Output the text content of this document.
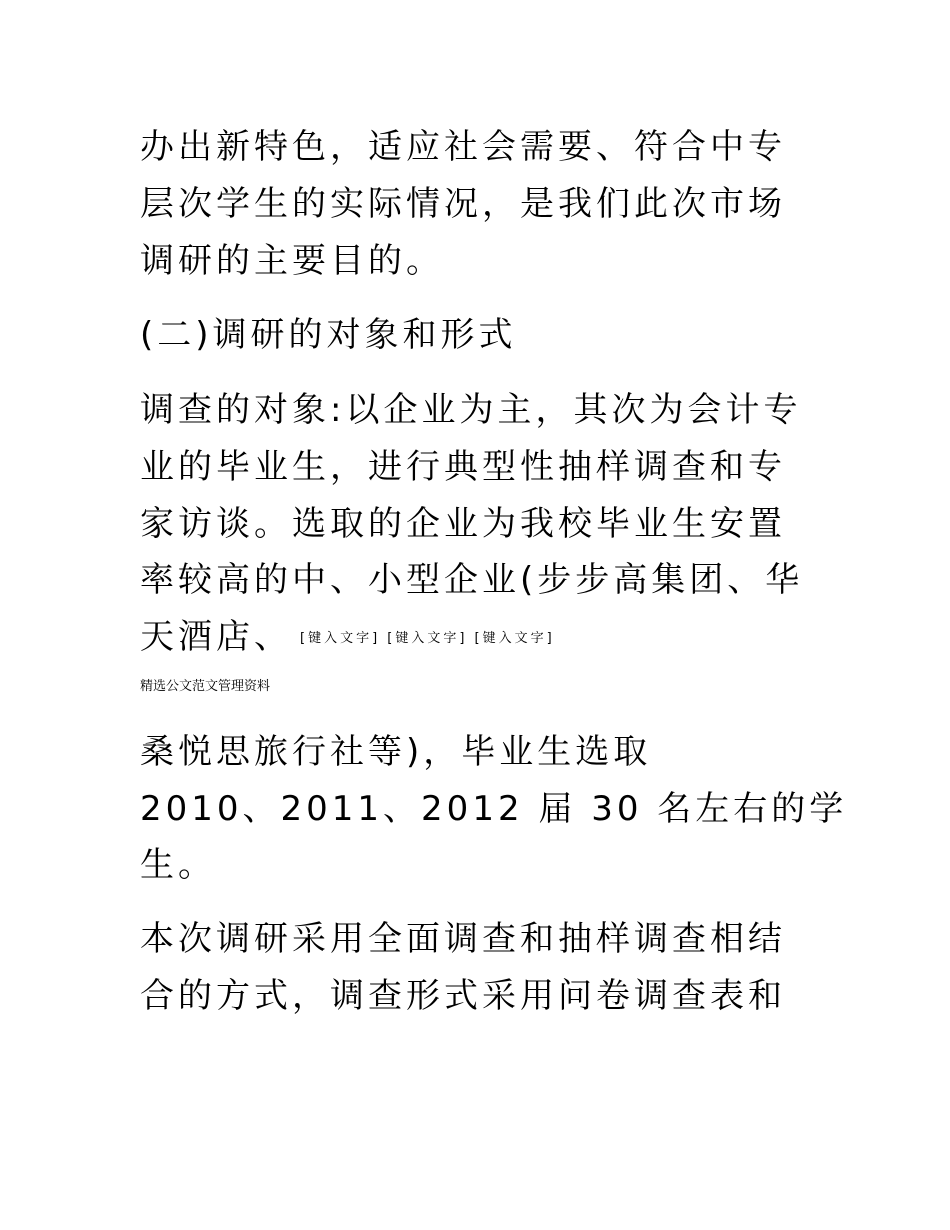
办出新特色，适应社会需要、符合中专

层次学生的实际情况，是我们此次市场

调研的主要目的。

(二)调研的对象和形式

调查的对象:以企业为主，其次为会计专

业的毕业生，进行典型性抽样调查和专

家访谈。选取的企业为我校毕业生安置

率较高的中、小型企业(步步高集团、华

天酒店、 [键入文字] [键入文字] [键入文字]

精选公文范文管理资料

桑悦思旅行社等)，毕业生选取

2010、2011、2012 届 30 名左右的学

生。

本次调研采用全面调查和抽样调查相结

合的方式，调查形式采用问卷调查表和
